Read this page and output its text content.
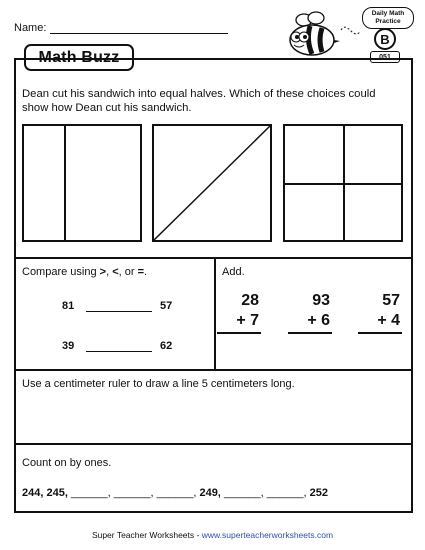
Name:
Daily Math Practice
B
051
Math Buzz
Dean cut his sandwich into equal halves. Which of these choices could show how Dean cut his sandwich.
Compare using >, <, or =.
81	57
39	62
Add.
28
+ 7
93
+ 6
57
+ 4
Use a centimeter ruler to draw a line 5 centimeters long.
Count on by ones.
244, 245, ______, ______, ______, 249, ______, ______, 252
Super Teacher Worksheets - www.superteacherworksheets.com
